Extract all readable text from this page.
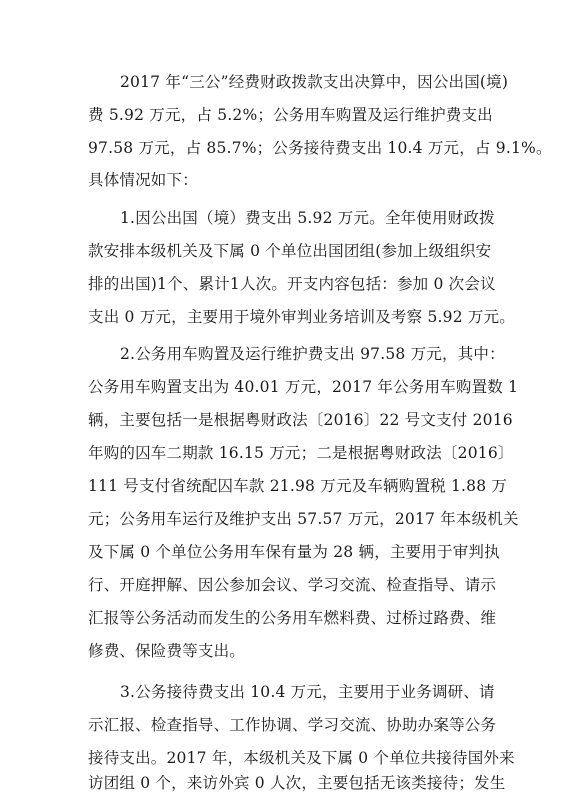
2017 年“三公”经费财政拨款支出决算中，因公出国(境)
费 5.92 万元，占 5.2%；公务用车购置及运行维护费支出
97.58 万元，占 85.7%；公务接待费支出 10.4 万元，占 9.1%。
具体情况如下：
1.因公出国（境）费支出 5.92 万元。全年使用财政拨
款安排本级机关及下属 0 个单位出国团组(参加上级组织安
排的出国)1个、累计1人次。开支内容包括：参加 0 次会议
支出 0 万元，主要用于境外审判业务培训及考察 5.92 万元。
2.公务用车购置及运行维护费支出 97.58 万元，其中：
公务用车购置支出为 40.01 万元，2017 年公务用车购置数 1
辆，主要包括一是根据粤财政法〔2016〕22 号文支付 2016
年购的囚车二期款 16.15 万元；二是根据粤财政法〔2016〕
111 号支付省统配囚车款 21.98 万元及车辆购置税 1.88 万
元；公务用车运行及维护支出 57.57 万元，2017 年本级机关
及下属 0 个单位公务用车保有量为 28 辆，主要用于审判执
行、开庭押解、因公参加会议、学习交流、检查指导、请示
汇报等公务活动而发生的公务用车燃料费、过桥过路费、维
修费、保险费等支出。
3.公务接待费支出 10.4 万元，主要用于业务调研、请
示汇报、检查指导、工作协调、学习交流、协助办案等公务
接待支出。2017 年，本级机关及下属 0 个单位共接待国外来
访团组 0 个，来访外宾 0 人次，主要包括无该类接待；发生
